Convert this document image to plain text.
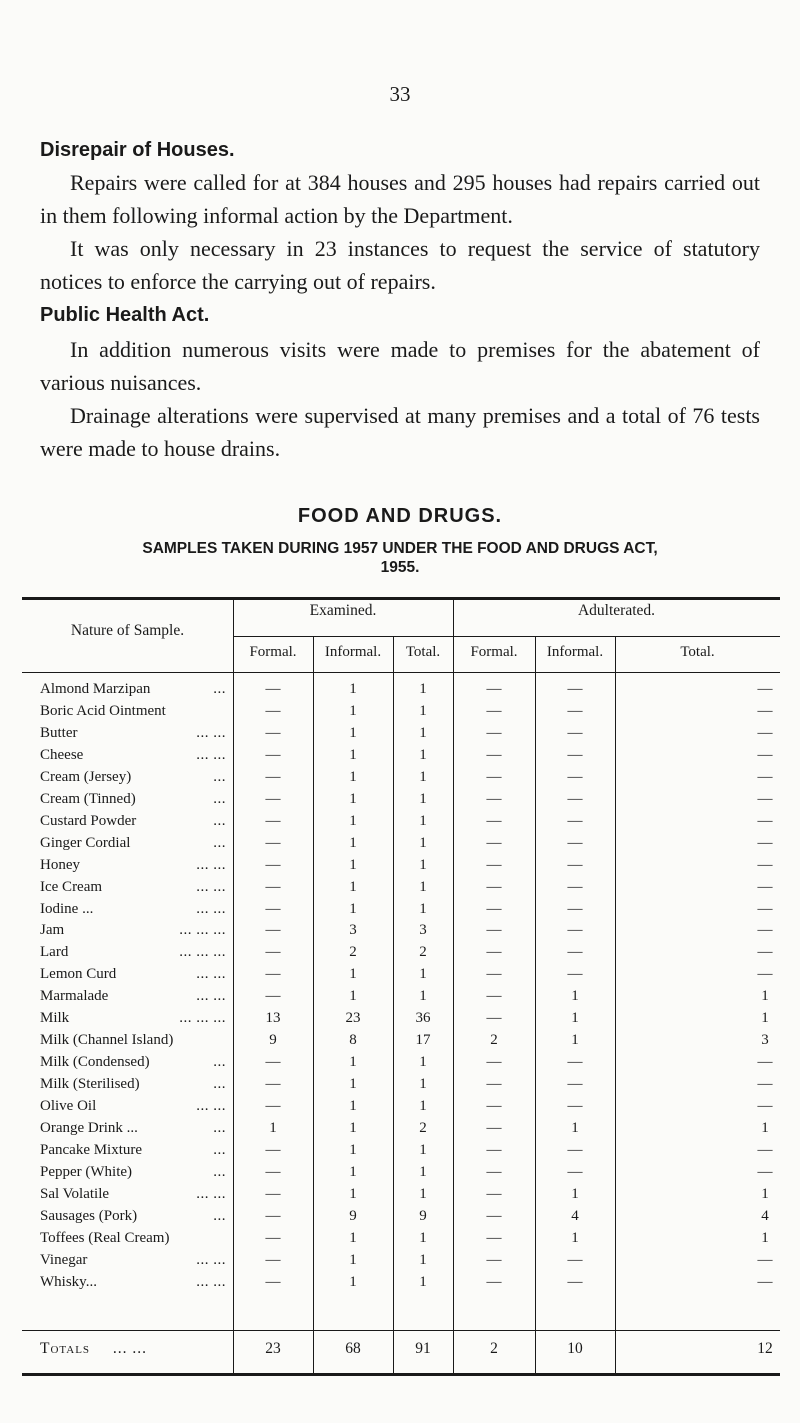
33
Disrepair of Houses.

Repairs were called for at 384 houses and 295 houses had repairs carried out in them following informal action by the Department.

It was only necessary in 23 instances to request the service of statutory notices to enforce the carrying out of repairs.

Public Health Act.

In addition numerous visits were made to premises for the abatement of various nuisances.

Drainage alterations were supervised at many premises and a total of 76 tests were made to house drains.

FOOD AND DRUGS.
SAMPLES TAKEN DURING 1957 UNDER THE FOOD AND DRUGS ACT,
1955.
Nature of Sample.
Examined.	Adulterated.
Formal.	Informal.	Total.	Formal.	Informal.	Total.
Almond Marzipan	...	—	1	1	—	—	—
Boric Acid Ointment	—	1	1	—	—	—
Butter	... ...	—	1	1	—	—	—
Cheese	... ...	—	1	1	—	—	—
Cream (Jersey)	...	—	1	1	—	—	—
Cream (Tinned)	...	—	1	1	—	—	—
Custard Powder	...	—	1	1	—	—	—
Ginger Cordial	...	—	1	1	—	—	—
Honey	... ...	—	1	1	—	—	—
Ice Cream	... ...	—	1	1	—	—	—
Iodine ...	... ...	—	1	1	—	—	—
Jam	... ... ...	—	3	3	—	—	—
Lard	... ... ...	—	2	2	—	—	—
Lemon Curd	... ...	—	1	1	—	—	—
Marmalade	... ...	—	1	1	—	1	1
Milk	... ... ...	13	23	36	—	1	1
Milk (Channel Island)	9	8	17	2	1	3
Milk (Condensed)	...	—	1	1	—	—	—
Milk (Sterilised)	...	—	1	1	—	—	—
Olive Oil	... ...	—	1	1	—	—	—
Orange Drink ...	...	1	1	2	—	1	1
Pancake Mixture	...	—	1	1	—	—	—
Pepper (White)	...	—	1	1	—	—	—
Sal Volatile	... ...	—	1	1	—	1	1
Sausages (Pork)	...	—	9	9	—	4	4
Toffees (Real Cream)	—	1	1	—	1	1
Vinegar	... ...	—	1	1	—	—	—
Whisky...	... ...	—	1	1	—	—	—
Totals ... ...	23	68	91	2	10	12
